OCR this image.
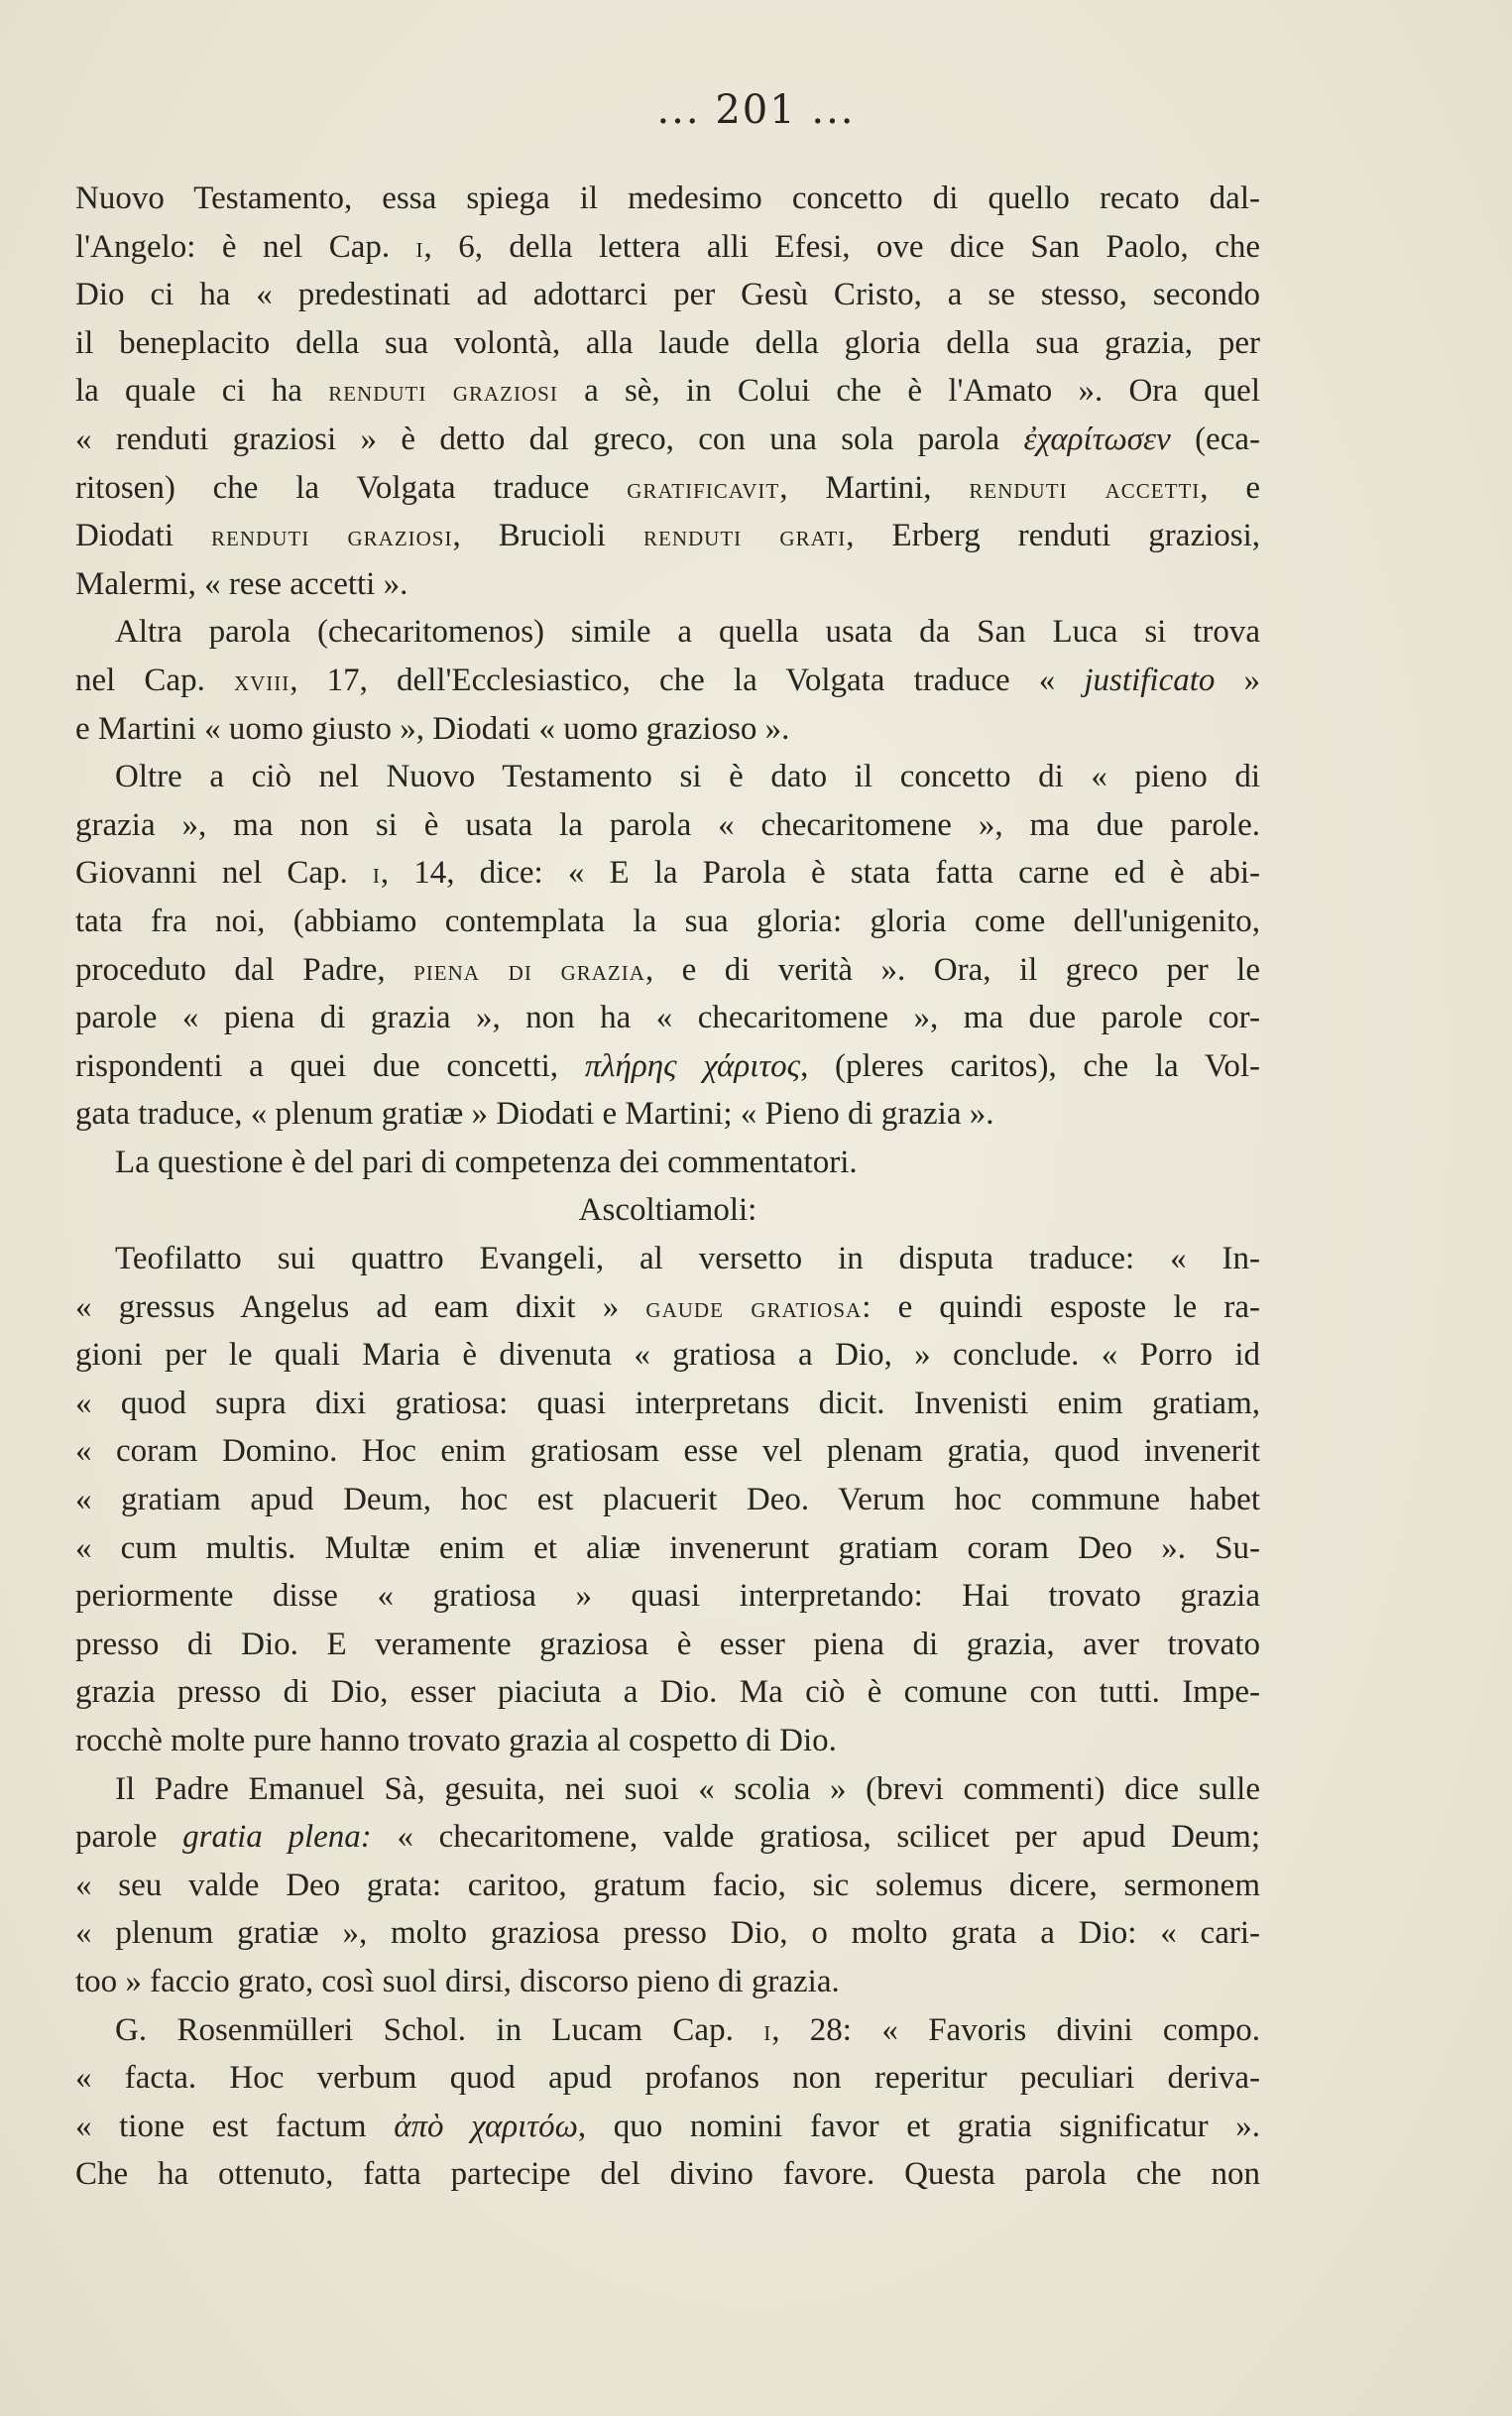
... 201 ...
Nuovo Testamento, essa spiega il medesimo concetto di quello recato dal-
l'Angelo: è nel Cap. i, 6, della lettera alli Efesi, ove dice San Paolo, che
Dio ci ha « predestinati ad adottarci per Gesù Cristo, a se stesso, secondo
il beneplacito della sua volontà, alla laude della gloria della sua grazia, per
la quale ci ha renduti graziosi a sè, in Colui che è l'Amato ». Ora quel
« renduti graziosi » è detto dal greco, con una sola parola ἐχαρίτωσεν (eca-
ritosen) che la Volgata traduce gratificavit, Martini, renduti accetti, e
Diodati renduti graziosi, Brucioli renduti grati, Erberg renduti graziosi,
Malermi, « rese accetti ».
Altra parola (checaritomenos) simile a quella usata da San Luca si trova
nel Cap. xviii, 17, dell'Ecclesiastico, che la Volgata traduce « justificato »
e Martini « uomo giusto », Diodati « uomo grazioso ».
Oltre a ciò nel Nuovo Testamento si è dato il concetto di « pieno di
grazia », ma non si è usata la parola « checaritomene », ma due parole.
Giovanni nel Cap. i, 14, dice: « E la Parola è stata fatta carne ed è abi-
tata fra noi, (abbiamo contemplata la sua gloria: gloria come dell'unigenito,
proceduto dal Padre, piena di grazia, e di verità ». Ora, il greco per le
parole « piena di grazia », non ha « checaritomene », ma due parole cor-
rispondenti a quei due concetti, πλήρης χάριτος, (pleres caritos), che la Vol-
gata traduce, « plenum gratiæ » Diodati e Martini; « Pieno di grazia ».
La questione è del pari di competenza dei commentatori.
Ascoltiamoli:
Teofilatto sui quattro Evangeli, al versetto in disputa traduce: « In-
« gressus Angelus ad eam dixit » gaude gratiosa: e quindi esposte le ra-
gioni per le quali Maria è divenuta « gratiosa a Dio, » conclude. « Porro id
« quod supra dixi gratiosa: quasi interpretans dicit. Invenisti enim gratiam,
« coram Domino. Hoc enim gratiosam esse vel plenam gratia, quod invenerit
« gratiam apud Deum, hoc est placuerit Deo. Verum hoc commune habet
« cum multis. Multæ enim et aliæ invenerunt gratiam coram Deo ». Su-
periormente disse « gratiosa » quasi interpretando: Hai trovato grazia
presso di Dio. E veramente graziosa è esser piena di grazia, aver trovato
grazia presso di Dio, esser piaciuta a Dio. Ma ciò è comune con tutti. Impe-
rocchè molte pure hanno trovato grazia al cospetto di Dio.
Il Padre Emanuel Sà, gesuita, nei suoi « scolia » (brevi commenti) dice sulle
parole gratia plena: « checaritomene, valde gratiosa, scilicet per apud Deum;
« seu valde Deo grata: caritoo, gratum facio, sic solemus dicere, sermonem
« plenum gratiæ », molto graziosa presso Dio, o molto grata a Dio: « cari-
too » faccio grato, così suol dirsi, discorso pieno di grazia.
G. Rosenmülleri Schol. in Lucam Cap. i, 28: « Favoris divini compo.
« facta. Hoc verbum quod apud profanos non reperitur peculiari deriva-
« tione est factum ἀπὸ χαριτόω, quo nomini favor et gratia significatur ».
Che ha ottenuto, fatta partecipe del divino favore. Questa parola che non
